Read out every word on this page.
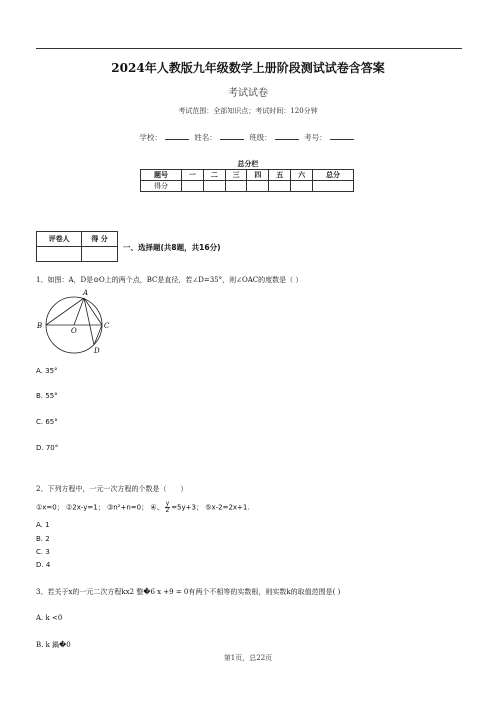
2024年人教版九年级数学上册阶段测试试卷含答案
考试试卷
考试范围：全部知识点；考试时间：120分钟
学校：	姓名：	班级：	考号：
总分栏
题号	一	二	三	四	五	六	总分
得分							
评卷人	得 分

一、选择题(共8题，共16分)
1、如图：A，D是⊙O上的两个点，BC是直径，若∠D=35°，则∠OAC的度数是（ ）
A
B
O
C
D
A. 35°
B. 55°
C. 65°
D. 70°
2、下列方程中，一元一次方程的个数是（　　）
①x=0； ②2x-y=1； ③n²+n=0； ④、 $\frac{y}{2} =5y+3$； ⑤x-2=2x+1.
A. 1
B. 2
C. 3
D. 4
3、若关于x的一元二次方程kx2 整�6 x +9 = 0有两个不相等的实数根，则实数k的取值范围是( )
A. k <0
B. k 鍋�0
第1页，总22页
